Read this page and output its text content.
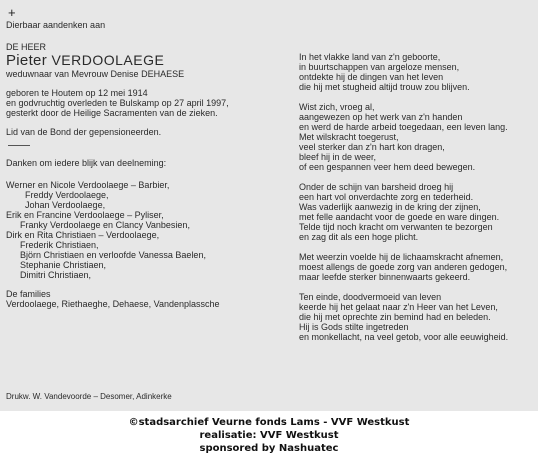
+
Dierbaar aandenken aan
DE HEER
Pieter VERDOOLAEGE
weduwnaar van Mevrouw Denise DEHAESE
geboren te Houtem op 12 mei 1914
en godvruchtig overleden te Bulskamp op 27 april 1997,
gesterkt door de Heilige Sacramenten van de zieken.
Lid van de Bond der gepensioneerden.
Danken om iedere blijk van deelneming:
Werner en Nicole Verdoolaege – Barbier,
Freddy Verdoolaege,
Johan Verdoolaege,
Erik en Francine Verdoolaege – Pyliser,
Franky Verdoolaege en Clancy Vanbesien,
Dirk en Rita Christiaen – Verdoolaege,
Frederik Christiaen,
Björn Christiaen en verloofde Vanessa Baelen,
Stephanie Christiaen,
Dimitri Christiaen,
De families
Verdoolaege, Riethaeghe, Dehaese, Vandenplassche
In het vlakke land van z'n geboorte,
in buurtschappen van argeloze mensen,
ontdekte hij de dingen van het leven
die hij met stugheid altijd trouw zou blijven.
Wist zich, vroeg al,
aangewezen op het werk van z'n handen
en werd de harde arbeid toegedaan, een leven lang.
Met wilskracht toegerust,
veel sterker dan z'n hart kon dragen,
bleef hij in de weer,
of een gespannen veer hem deed bewegen.
Onder de schijn van barsheid droeg hij
een hart vol onverdachte zorg en tederheid.
Was vaderlijk aanwezig in de kring der zijnen,
met felle aandacht voor de goede en ware dingen.
Telde tijd noch kracht om verwanten te bezorgen
en zag dit als een hoge plicht.
Met weerzin voelde hij de lichaamskracht afnemen,
moest allengs de goede zorg van anderen gedogen,
maar leefde sterker binnenwaarts gekeerd.
Ten einde, doodvermoeid van leven
keerde hij het gelaat naar z'n Heer van het Leven,
die hij met oprechte zin bemind had en beleden.
Hij is Gods stilte ingetreden
en monkellacht, na veel getob, voor alle eeuwigheid.
Drukw. W. Vandevoorde – Desomer, Adinkerke
©stadsarchief Veurne fonds Lams - VVF Westkust
realisatie: VVF Westkust
sponsored by Nashuatec
